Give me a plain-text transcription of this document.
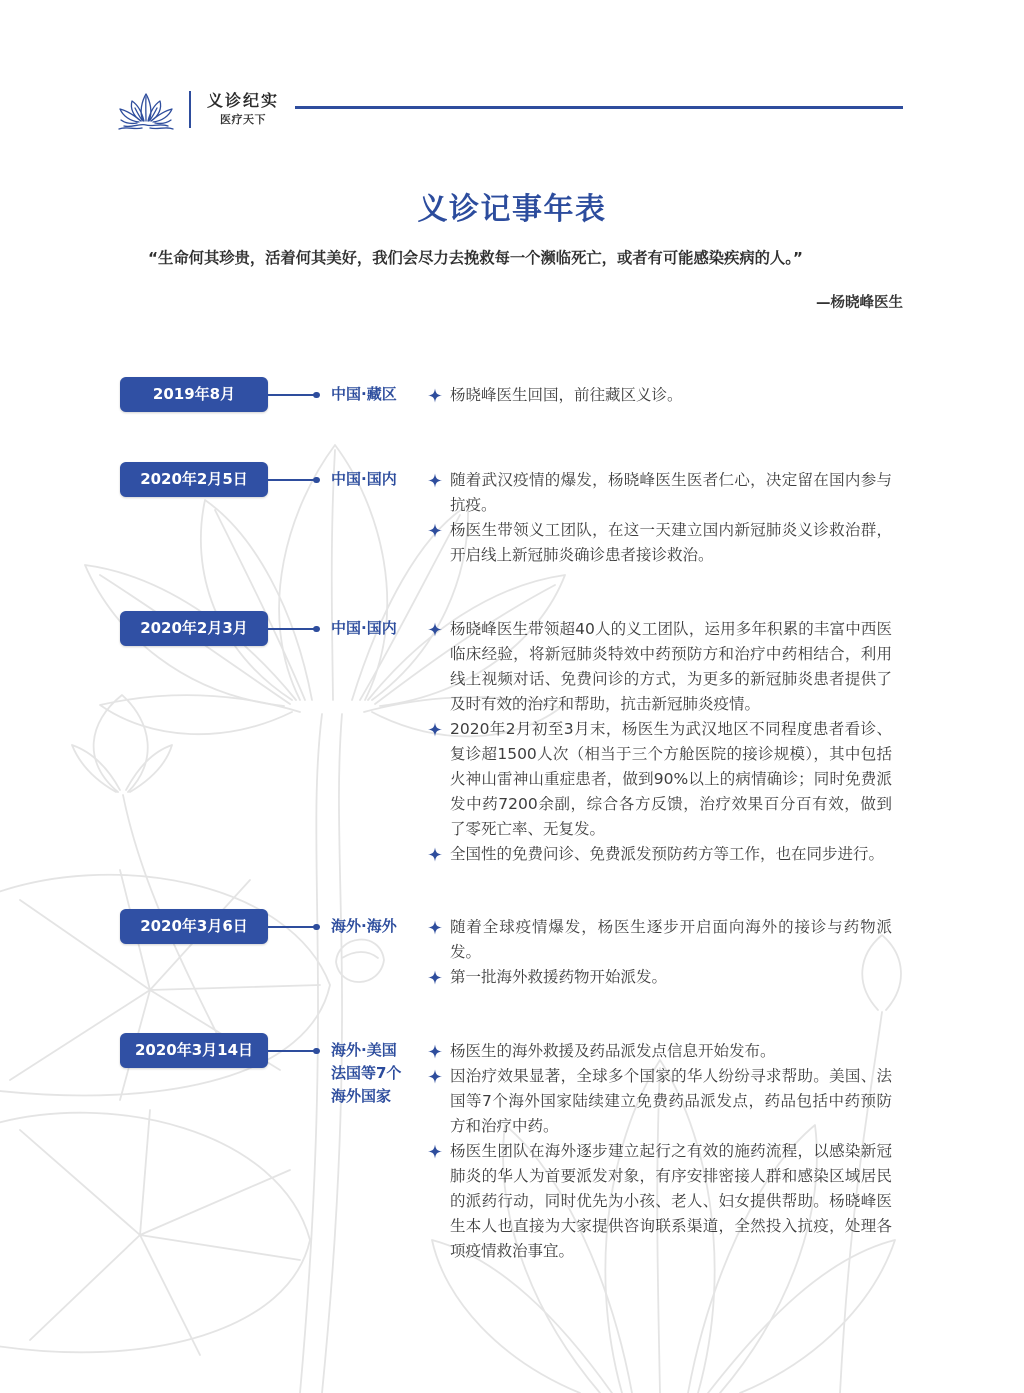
义诊纪实
医疗天下
义诊记事年表

“生命何其珍贵，活着何其美好，我们会尽力去挽救每一个濒临死亡，或者有可能感染疾病的人。”

—杨晓峰医生

2019年8月	中国·藏区	杨晓峰医生回国，前往藏区义诊。
2020年2月5日	中国·国内	随着武汉疫情的爆发，杨晓峰医生医者仁心，决定留在国内参与抗疫。
杨医生带领义工团队，在这一天建立国内新冠肺炎义诊救治群，开启线上新冠肺炎确诊患者接诊救治。
2020年2月3月	中国·国内	杨晓峰医生带领超40人的义工团队，运用多年积累的丰富中西医临床经验，将新冠肺炎特效中药预防方和治疗中药相结合，利用线上视频对话、免费问诊的方式，为更多的新冠肺炎患者提供了及时有效的治疗和帮助，抗击新冠肺炎疫情。
2020年2月初至3月末，杨医生为武汉地区不同程度患者看诊、复诊超1500人次（相当于三个方舱医院的接诊规模），其中包括火神山雷神山重症患者，做到90%以上的病情确诊；同时免费派发中药7200余副，综合各方反馈，治疗效果百分百有效，做到了零死亡率、无复发。
全国性的免费问诊、免费派发预防药方等工作，也在同步进行。
2020年3月6日	海外·海外	随着全球疫情爆发，杨医生逐步开启面向海外的接诊与药物派发。
第一批海外救援药物开始派发。
2020年3月14日	海外·美国法国等7个海外国家
杨医生的海外救援及药品派发点信息开始发布。
因治疗效果显著，全球多个国家的华人纷纷寻求帮助。美国、法国等7个海外国家陆续建立免费药品派发点，药品包括中药预防方和治疗中药。
杨医生团队在海外逐步建立起行之有效的施药流程，以感染新冠肺炎的华人为首要派发对象，有序安排密接人群和感染区域居民的派药行动，同时优先为小孩、老人、妇女提供帮助。杨晓峰医生本人也直接为大家提供咨询联系渠道，全然投入抗疫，处理各项疫情救治事宜。
